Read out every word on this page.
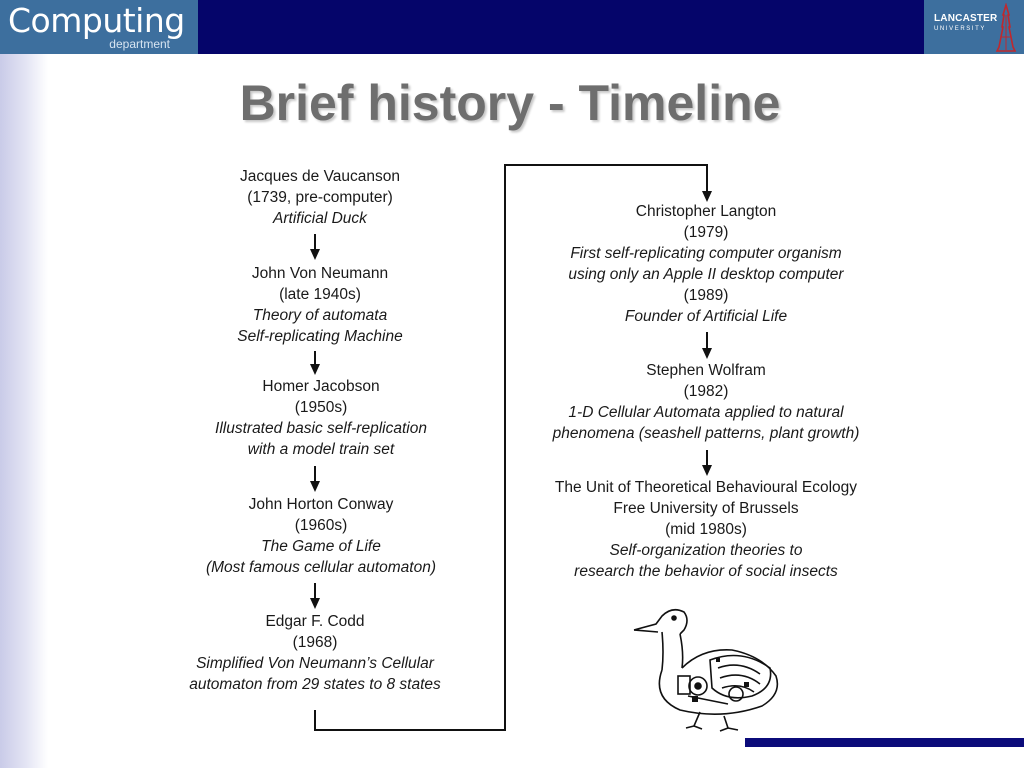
Computing
department
LANCASTER
UNIVERSITY
Brief history - Timeline
Jacques de Vaucanson
(1739, pre-computer)
Artificial Duck
John Von Neumann
(late 1940s)
Theory of automata
Self-replicating Machine
Homer Jacobson
(1950s)
Illustrated basic self-replication
with a model train set
John Horton Conway
(1960s)
The Game of Life
(Most famous cellular automaton)
Edgar F. Codd
(1968)
Simplified Von Neumann’s Cellular
automaton from 29 states to 8 states
Christopher Langton
(1979)
First self-replicating computer organism
using only an Apple II desktop computer
(1989)
Founder of Artificial Life
Stephen Wolfram
(1982)
1-D Cellular Automata applied to natural
phenomena (seashell patterns, plant growth)
The Unit of Theoretical Behavioural Ecology
Free University of Brussels
(mid 1980s)
Self-organization theories to
research the behavior of social insects
